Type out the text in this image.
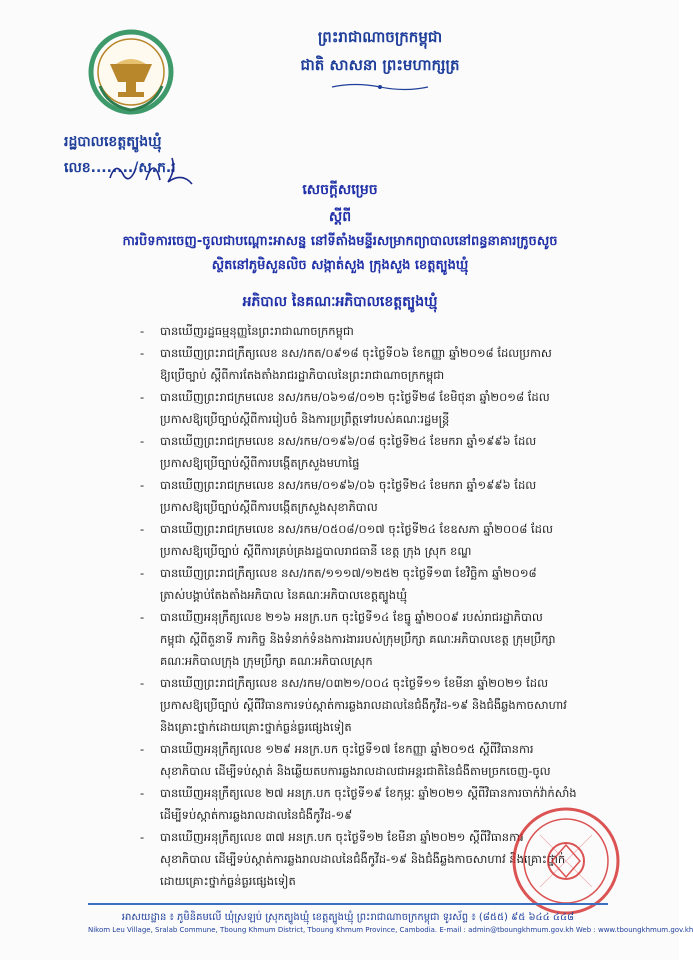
ព្រះរាជាណាចក្រកម្ពុជា
ជាតិ សាសនា ព្រះមហាក្សត្រ
រដ្ឋបាលខេត្តត្បូងឃ្មុំ
លេខ......../ស.ក.រ
សេចក្ដីសម្រេច
ស្ដីពី
ការបិទការចេញ-ចូលជាបណ្ដោះអាសន្ន នៅទីតាំងមន្ទីរសម្រាកព្យាបាលនៅពន្ធនាគារក្រូចសូច
ស្ថិតនៅភូមិសួនលិច សង្កាត់សួង ក្រុងសួង ខេត្តត្បូងឃ្មុំ
អភិបាល នៃគណៈអភិបាលខេត្តត្បូងឃ្មុំ
- បានឃើញរដ្ឋធម្មនុញ្ញនៃព្រះរាជាណាចក្រកម្ពុជា
- បានឃើញព្រះរាជក្រឹត្យលេខ នស/រកត/០៩១៨ ចុះថ្ងៃទី០៦ ខែកញ្ញា ឆ្នាំ២០១៨ ដែលប្រកាស
ឱ្យប្រើច្បាប់ ស្ដីពីការតែងតាំងរាជរដ្ឋាភិបាលនៃព្រះរាជាណាចក្រកម្ពុជា
- បានឃើញព្រះរាជក្រមលេខ នស/រកម/០៦១៨/០១២ ចុះថ្ងៃទី២៨ ខែមិថុនា ឆ្នាំ២០១៨ ដែល
ប្រកាសឱ្យប្រើច្បាប់ស្ដីពីការរៀបចំ និងការប្រព្រឹត្តទៅរបស់គណៈរដ្ឋមន្ត្រី
- បានឃើញព្រះរាជក្រមលេខ នស/រកម/០១៩៦/០៨ ចុះថ្ងៃទី២៤ ខែមករា ឆ្នាំ១៩៩៦ ដែល
ប្រកាសឱ្យប្រើច្បាប់ស្ដីពីការបង្កើតក្រសួងមហាផ្ទៃ
- បានឃើញព្រះរាជក្រមលេខ នស/រកម/០១៩៦/០៦ ចុះថ្ងៃទី២៤ ខែមករា ឆ្នាំ១៩៩៦ ដែល
ប្រកាសឱ្យប្រើច្បាប់ស្ដីពីការបង្កើតក្រសួងសុខាភិបាល
- បានឃើញព្រះរាជក្រមលេខ នស/រកម/០៥០៨/០១៧ ចុះថ្ងៃទី២៤ ខែឧសភា ឆ្នាំ២០០៨ ដែល
ប្រកាសឱ្យប្រើច្បាប់ ស្ដីពីការគ្រប់គ្រងរដ្ឋបាលរាជធានី ខេត្ត ក្រុង ស្រុក ខណ្ឌ
- បានឃើញព្រះរាជក្រឹត្យលេខ នស/រកត/១១១៧/១២៥២ ចុះថ្ងៃទី១៣ ខែវិច្ឆិកា ឆ្នាំ២០១៨
ត្រាស់បង្គាប់តែងតាំងអភិបាល នៃគណៈអភិបាលខេត្តត្បូងឃ្មុំ
- បានឃើញអនុក្រឹត្យលេខ ២១៦ អនក្រ.បក ចុះថ្ងៃទី១៤ ខែធ្នូ ឆ្នាំ២០០៩ របស់រាជរដ្ឋាភិបាល
កម្ពុជា ស្ដីពីតួនាទី ភារកិច្ច និងទំនាក់ទំនងការងាររបស់ក្រុមប្រឹក្សា គណៈអភិបាលខេត្ត ក្រុមប្រឹក្សា
គណៈអភិបាលក្រុង ក្រុមប្រឹក្សា គណៈអភិបាលស្រុក
- បានឃើញព្រះរាជក្រឹត្យលេខ នស/រកម/០៣២១/០០៤ ចុះថ្ងៃទី១១ ខែមីនា ឆ្នាំ២០២១ ដែល
ប្រកាសឱ្យប្រើច្បាប់ ស្ដីពីវិធានការទប់ស្កាត់ការឆ្លងរាលដាលនៃជំងឺកូវីដ-១៩ និងជំងឺឆ្លងកាចសាហាវ
និងគ្រោះថ្នាក់ដោយគ្រោះថ្នាក់ធ្ងន់ធ្ងរផ្សេងទៀត
- បានឃើញអនុក្រឹត្យលេខ ១២៩ អនក្រ.បក ចុះថ្ងៃទី១៧ ខែកញ្ញា ឆ្នាំ២០១៥ ស្ដីពីវិធានការ
សុខាភិបាល ដើម្បីទប់ស្កាត់ និងឆ្លើយតបការឆ្លងរាលដាលជាអន្តរជាតិនៃជំងឺតាមច្រកចេញ-ចូល
- បានឃើញអនុក្រឹត្យលេខ ២៧ អនក្រ.បក ចុះថ្ងៃទី១៩ ខែកុម្ភៈ ឆ្នាំ២០២១ ស្ដីពីវិធានការចាក់វ៉ាក់សាំង
ដើម្បីទប់ស្កាត់ការឆ្លងរាលដាលនៃជំងឺកូវីដ-១៩
- បានឃើញអនុក្រឹត្យលេខ ៣៧ អនក្រ.បក ចុះថ្ងៃទី១២ ខែមីនា ឆ្នាំ២០២១ ស្ដីពីវិធានការ
សុខាភិបាល ដើម្បីទប់ស្កាត់ការឆ្លងរាលដាលនៃជំងឺកូវីដ-១៩ និងជំងឺឆ្លងកាចសាហាវ និងគ្រោះថ្នាក់
ដោយគ្រោះថ្នាក់ធ្ងន់ធ្ងរផ្សេងទៀត
អាសយដ្ឋាន ៖ ភូមិនិគមលើ ឃុំស្រឡប់ ស្រុកត្បូងឃ្មុំ ខេត្តត្បូងឃ្មុំ ព្រះរាជាណាចក្រកម្ពុជា ទូរស័ព្ទ ៖ (៨៥៥) ៩៥ ៦៤៤ ៤៤៨
Nikom Leu Village, Sralab Commune, Tboung Khmum District, Tboung Khmum Province, Cambodia. E-mail : admin@tboungkhmum.gov.kh Web : www.tboungkhmum.gov.kh
